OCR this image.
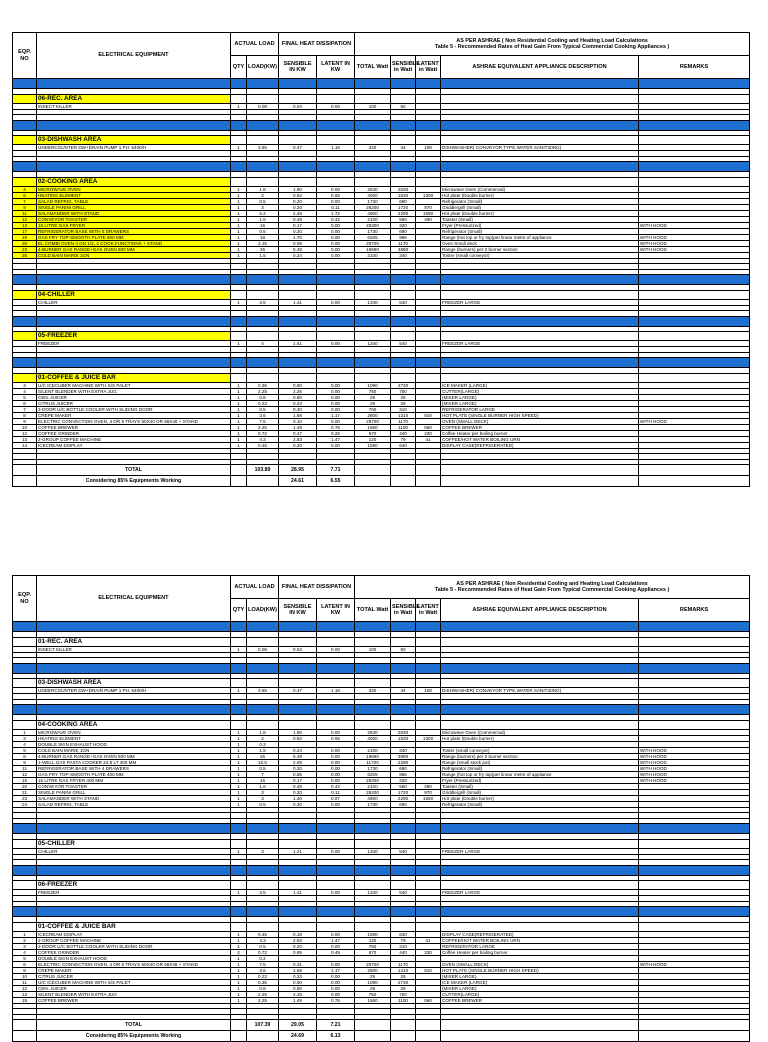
EQP. NO	ELECTRICAL EQUIPMENT	ACTUAL LOAD		FINAL HEAT DISSIPATION		AS PER ASHRAE ( Non Residential Cooling and Heating Load Calculations
Table 5 - Recommended Rates of Heat Gain From Typical Commercial Cooking Appliances )				

		QTY	LOAD(KW)	SENSIBLE IN KW	LATENT IN KW	TOTAL Watt	SENSIBLE in Watt	LATENT in Watt	ASHRAE EQUIVALENT APPLIANCE DESCRIPTION	REMARKS

	06-REC. AREA									
	INSECT KILLER	1	0.08	0.04	0.00	100	50			

	03-DISHWASH AREA									
	UNDERCOUNTER DW+DRAIN PUMP 1 PH. 5400/H	1	3.65	0.47	1.16	340	44	108	DISHWASHER( CONVEYOR TYPE,WATER SANITIZING)	

	02-COOKING AREA									
4	MICROWAVE OVEN	1	1.8	1.90	0.00	2630	2630		Microwave Oven (Commercial)	
6	HEATING ELEMENT	1	2	0.92	0.65	4000	1630	1300	Hot plate (Double burner)	
7	SALAD REFRIG. TABLE	1	0.5	0.20	0.00	1730	690		Refrigerator (Small)	
9	SINGLE PANINI GRILL	1	3	0.20	0.11	26200	1720	970	Griddle/grill (Small)	
11	SALAMANDER WITH STAND	1	5.2	2.48	1.72	4900	2290	1590	Hot plate (Double burner)	
12	CONVEYOR TOASTER	1	1.6	0.48	0.42	2100	560	490	Toaster (Small)	
13	15 LITRE GAS FRYER	1	16	0.17	0.00	26300	320		Fryer (Pressurized)	WITH HOOD
17	REFRIGERATOR BASE WITH 6 DRAWERS	1	0.5	0.20	0.00	1730	690		Refrigerator (Small)	
19	GAS FRY TOP-SMOOTH PLATE 800 MM	1	18	1.70	0.00	6205	966		Range (hot top or fry top)per linear metre of appliance	WITH HOOD
20	EL COMBI OVEN 3 GN 1/2, 4 COOK.FUNCTIONS + STAND	1	2.15	0.09	0.00	28700	1170		Oven Small deck	WITH HOOD
23	4-BURNER GAS RANGE+GAS OVEN 800 MM	1	26	5.49	0.00	19690	3880		Range (burners) per 2 burner section	WITH HOOD
26	COLD BAIN MARIE 1GN	1	1.5	0.24	0.00	2100	340		Toster (small conveyor)	

	04-CHILLER									
	CHILLER	1	3.5	1.41	0.00	1340	540		FREEZER LARGE	

	05-FREEZER									
	FREEZER	1	4	1.61	0.00	1340	540		FREEZER LARGE	

	01-COFFEE & JUICE BAR									
3	U/C ICECUBER MACHINE WITH S/S PALET	1	0.36	0.90	0.00	1090	2730		ICE MAKER (LARGE)	
4	SILENT BLENDER WITH EXTRA JUG	1	2.25	2.25	0.00	750	750		CUTTER(LARGE)	
5	CEN. JUICER	1	0.8	0.80	0.00	29	29		(MIXER LARGE)	
6	CITRUS JUICER	1	0.23	0.23	0.00	29	29		(MIXER LARGE)	
7	2-DOOR U/C BOTTLE COOLER WITH SLIDING DOOR	1	0.5	0.40	0.00	760	310		REFRIGERATOR LARGE	
8	CREPE MAKER	1	3.6	1.68	1.17	2800	1310	910	HOT PLATE (SINGLE BURNER HIGH SPEED)	
9	ELECTRIC CONVECTION OVEN, 4 OR 5 TRAYS 60X40 OR 66X46 + STAND	1	7.5	0.10	0.00	28700	1170		OVEN (SMALL DECK)	WITH HOOD
10	COFFEE BREWER	1	2.25	1.49	0.76	1660	1100	560	COFFEE BREWER	
12	COFFEE GRINDER	1	0.72	0.47	0.25	670	440	230	Coffee Heater per boiling burner	
13	2-GROUP COFFEE MACHINE	1	4.3	2.83	1.47	120	79	41	COFFEE/HOT WATER BOILING URN	
14	ICECREAM DISPLAY	1	0.45	0.20	0.00	1590	640		DISPLAY CASE(REFRIGERATED)	

	TOTAL		103.89	28.95	7.71					
	Considering 85% Equipments Working			24.61	6.55					
EQP. NO	ELECTRICAL EQUIPMENT	ACTUAL LOAD		FINAL HEAT DISSIPATION		AS PER ASHRAE ( Non Residential Cooling and Heating Load Calculations
Table 5 - Recommended Rates of Heat Gain From Typical Commercial Cooking Appliances )				

		QTY	LOAD(KW)	SENSIBLE IN KW	LATENT IN KW	TOTAL Watt	SENSIBLE in Watt	LATENT in Watt	ASHRAE EQUIVALENT APPLIANCE DESCRIPTION	REMARKS

	01-REC. AREA									
	INSECT KILLER	1	0.08	0.04	0.00	100	50			

	03-DISHWASH AREA									
	UNDERCOUNTER DW+DRAIN PUMP 1 PH. 5400/H	1	3.65	0.47	1.16	340	44	108	DISHWASHER( CONVEYOR TYPE,WATER SANITIZING)	

	04-COOKING AREA									
1	MICROWAVE OVEN	1	1.8	1.90	0.00	2630	2630		Microwave Oven (Commercial)	
3	HEATING ELEMENT	1	2	0.92	0.65	4000	1630	1300	Hot plate (Double burner)	
4	DOUBLE SKIN EXHAUST HOOD	1	0.3							
5	COLD BAIN MARIE 1GN	1	1.5	0.24	0.00	2100	340		Toster (small conveyor)	WITH HOOD
8	4-BURNER GAS RANGE+GAS OVEN 800 MM	1	26	5.49	0.00	19690	3880		Range (burners) per 2 burner section	WITH HOOD
9	1-WELL GAS PASTA COOKER 24.5 LT 400 MM	1	10.5	2.06	0.00	11700	2290		Range (small stock pot)	WITH HOOD
11	REFRIGERATOR BASE WITH 4 DRAWERS	1	0.5	0.20	0.00	1730	690		Refrigerator (Small)	WITH HOOD
12	GAS FRY TOP-SMOOTH PLATE 400 MM	1	7	0.85	0.00	6205	966		Range (hot top or fry top)per linear metre of appliance	WITH HOOD
18	15 LITRE GAS FRYER 400 MM	1	16	0.17	0.00	26300	320		Fryer (Pressurized)	WITH HOOD
20	CONVEYOR TOASTER	1	1.6	0.48	0.42	2100	560	490	Toaster (Small)	
21	SINGLE PANINI GRILL	1	3	0.20	0.11	26200	1720	970	Griddle/grill (Small)	
23	SALAMANDER WITH STAND	1	3	1.40	0.97	4900	2290	1590	Hot plate (Double burner)	
24	SALAD REFRIG. TABLE	1	0.5	0.20	0.00	1730	690		Refrigerator (Small)	

	05-CHILLER									
	CHILLER	1	3	1.21	0.00	1340	540		FREEZER LARGE	

	06-FREEZER									
	FREEZER	1	3.5	1.41	0.00	1340	540		FREEZER LARGE	

	01-COFFEE & JUICE BAR									
1	ICECREAM DISPLAY	1	0.45	0.18	0.00	1590	640		DISPLAY CASE(REFRIGERATED)	
2	2-GROUP COFFEE MACHINE	1	4.3	2.83	1.47	120	79	41	COFFEE/HOT WATER BOILING URN	
3	2-DOOR U/C BOTTLE COOLER WITH SLIDING DOOR	1	0.5	0.20	0.00	760	310		REFRIGERATOR LARGE	
4	COFFEE GRINDER	2	0.72	0.95	0.49	670	440	230	Coffee Heater per boiling burner	
5	DOUBLE SKIN EXHAUST HOOD	1	0.2							
6	ELECTRIC CONVECTION OVEN, 4 OR 5 TRAYS 60X40 OR 66X46 + STAND	1	7.5	0.31	0.00	28700	1170		OVEN (SMALL DECK)	WITH HOOD
8	CREPE MAKER	1	3.6	1.68	1.17	2800	1310	910	HOT PLATE (SINGLE BURNER HIGH SPEED)	
10	CITRUS JUICER	1	0.23	0.23	0.00	29	29		(MIXER LARGE)	
11	U/C ICECUBER MACHINE WITH S/S PALET	1	0.36	0.90	0.00	1090	2730		ICE MAKER (LARGE)	
12	CEN. JUICER	1	0.8	0.80	0.00	29	29		(MIXER LARGE)	
13	SILENT BLENDER WITH EXTRA JUG	1	2.25	2.25	0.00	750	750		CUTTER(LARGE)	
15	COFFEE BREWER	1	2.25	1.49	0.76	1660	1100	560	COFFEE BREWER	

	TOTAL		107.39	29.05	7.21					
	Considering 85% Equipments Working			24.69	6.13					
